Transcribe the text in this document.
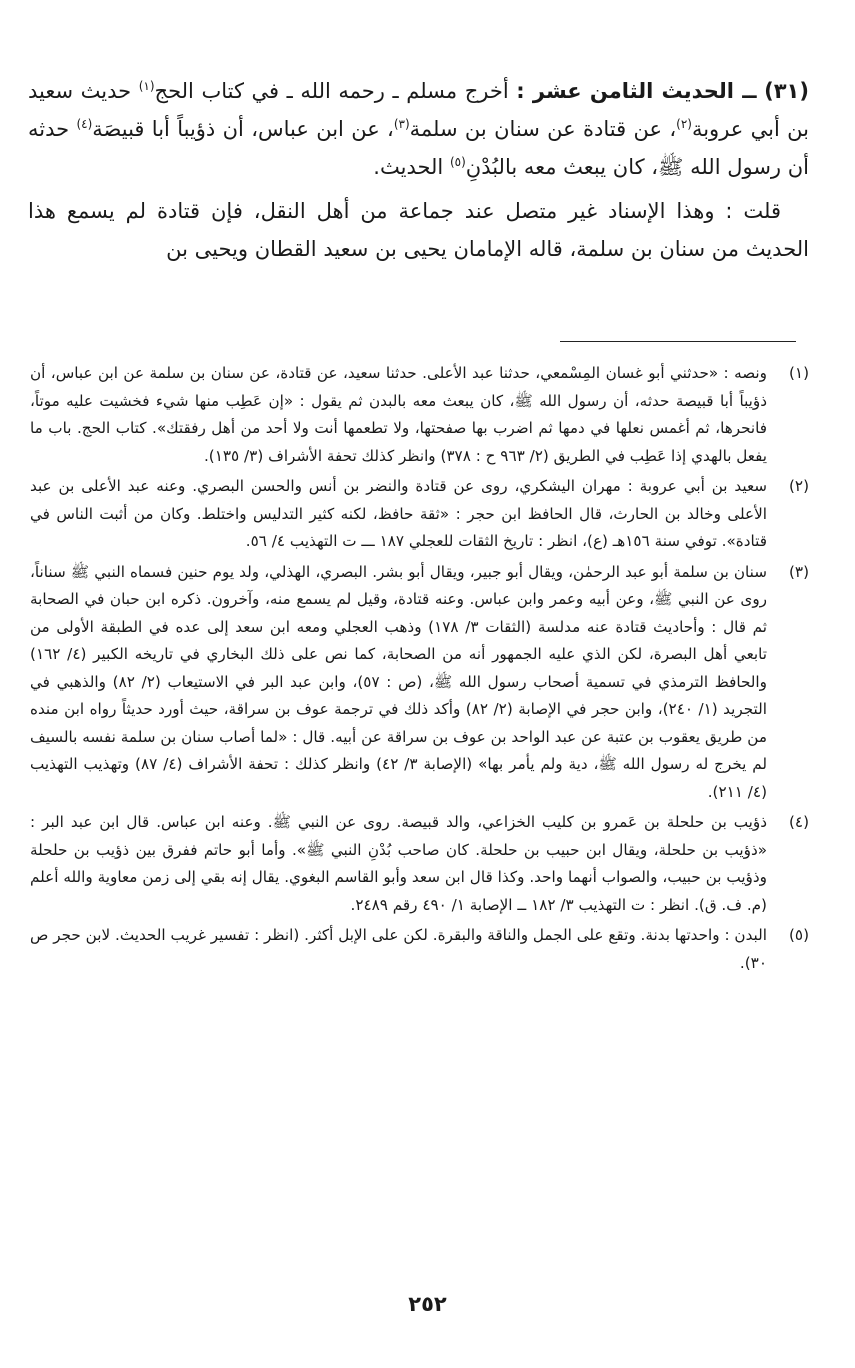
(٣١) ــ الحديث الثامن عشر : أخرج مسلم ـ رحمه الله ـ في كتاب الحج$^{(١)}$ حديث سعيد بن أبي عروبة$^{(٢)}$، عن قتادة عن سنان بن سلمة$^{(٣)}$، عن ابن عباس، أن ذؤيباً أبا قبيصَة$^{(٤)}$ حدثه أن رسول الله ﷺ، كان يبعث معه بالبُدْنِ$^{(٥)}$ الحديث.

قلت : وهذا الإسناد غير متصل عند جماعة من أهل النقل، فإن قتادة لم يسمع هذا الحديث من سنان بن سلمة، قاله الإمامان يحيى بن سعيد القطان ويحيى بن

(١)
ونصه : «حدثني أبو غسان المِسْمعي، حدثنا عبد الأعلى. حدثنا سعيد، عن قتادة، عن سنان بن سلمة عن ابن عباس، أن ذؤيباً أبا قبيصة حدثه، أن رسول الله ﷺ، كان يبعث معه بالبدن ثم يقول : «إن عَطِب منها شيء فخشيت عليه موتاً، فانحرها، ثم أغمس نعلها في دمها ثم اضرب بها صفحتها، ولا تطعمها أنت ولا أحد من أهل رفقتك». كتاب الحج. باب ما يفعل بالهدي إذا عَطِب في الطريق (٢/ ٩٦٣ ح : ٣٧٨) وانظر كذلك تحفة الأشراف (٣/ ١٣٥).
(٢)
سعيد بن أبي عروبة : مهران اليشكري، روى عن قتادة والنضر بن أنس والحسن البصري. وعنه عبد الأعلى بن عبد الأعلى وخالد بن الحارث، قال الحافظ ابن حجر : «ثقة حافظ، لكنه كثير التدليس واختلط. وكان من أثبت الناس في قتادة». توفي سنة ١٥٦هـ (ع)، انظر : تاريخ الثقات للعجلي ١٨٧ ـــ ت التهذيب ٤/ ٥٦.
(٣)
سنان بن سلمة أبو عبد الرحمٰن، ويقال أبو جبير، ويقال أبو بشر. البصري، الهذلي، ولد يوم حنين فسماه النبي ﷺ سناناً، روى عن النبي ﷺ، وعن أبيه وعمر وابن عباس. وعنه قتادة، وقيل لم يسمع منه، وآخرون. ذكره ابن حبان في الصحابة ثم قال : وأحاديث قتادة عنه مدلسة (الثقات ٣/ ١٧٨) وذهب العجلي ومعه ابن سعد إلى عده في الطبقة الأولى من تابعي أهل البصرة، لكن الذي عليه الجمهور أنه من الصحابة، كما نص على ذلك البخاري في تاريخه الكبير (٤/ ١٦٢) والحافظ الترمذي في تسمية أصحاب رسول الله ﷺ، (ص : ٥٧)، وابن عبد البر في الاستيعاب (٢/ ٨٢) والذهبي في التجريد (١/ ٢٤٠)، وابن حجر في الإصابة (٢/ ٨٢) وأكد ذلك في ترجمة عوف بن سراقة، حيث أورد حديثاً رواه ابن منده من طريق يعقوب بن عتبة عن عبد الواحد بن عوف بن سراقة عن أبيه. قال : «لما أصاب سنان بن سلمة نفسه بالسيف لم يخرج له رسول الله ﷺ، دية ولم يأمر بها» (الإصابة ٣/ ٤٢) وانظر كذلك : تحفة الأشراف (٤/ ٨٧) وتهذيب التهذيب (٤/ ٢١١).
(٤)
ذؤيب بن حلحلة بن عَمرو بن كليب الخزاعي، والد قبيصة. روى عن النبي ﷺ. وعنه ابن عباس. قال ابن عبد البر : «ذؤيب بن حلحلة، ويقال ابن حبيب بن حلحلة. كان صاحب بُدْنِ النبي ﷺ». وأما أبو حاتم ففرق بين ذؤيب بن حلحلة وذؤيب بن حبيب، والصواب أنهما واحد. وكذا قال ابن سعد وأبو القاسم البغوي. يقال إنه بقي إلى زمن معاوية والله أعلم (م. ف. ق). انظر : ت التهذيب ٣/ ١٨٢ ــ الإصابة ١/ ٤٩٠ رقم ٢٤٨٩.
(٥)
البدن : واحدتها بدنة. وتقع على الجمل والناقة والبقرة. لكن على الإبل أكثر. (انظر : تفسير غريب الحديث. لابن حجر ص ٣٠).
٢٥٢
